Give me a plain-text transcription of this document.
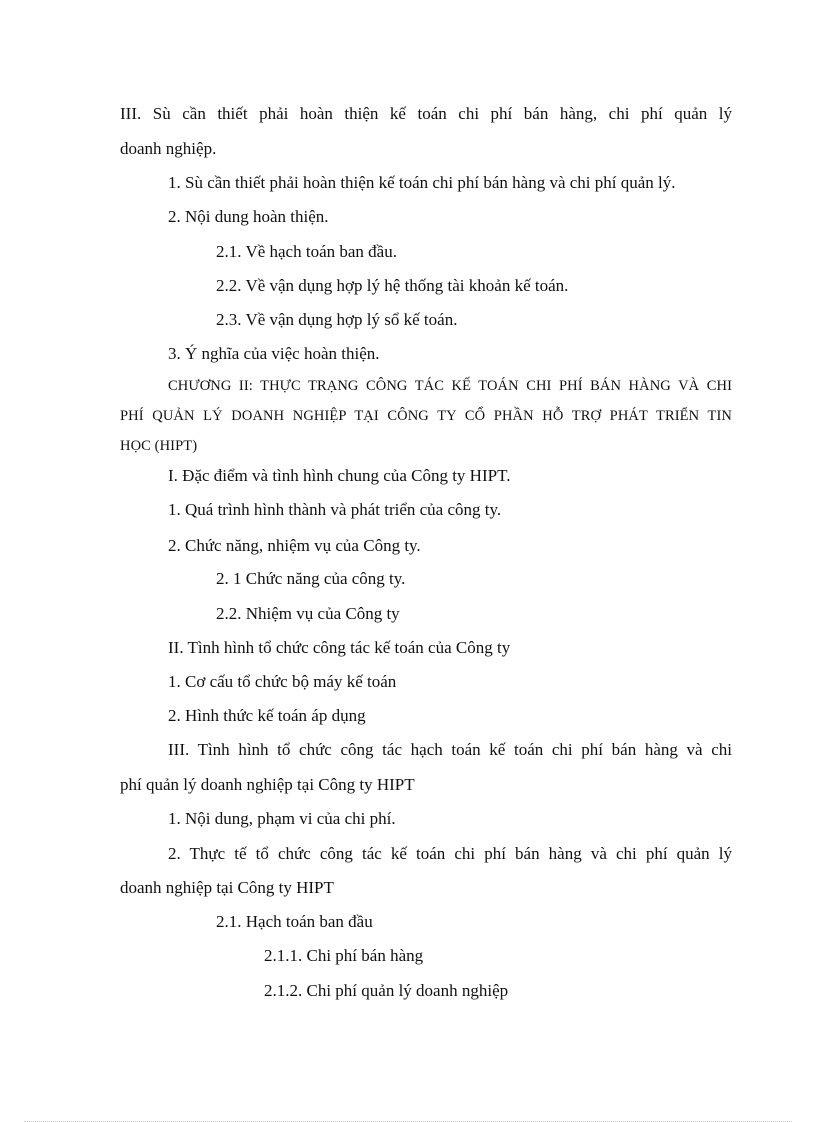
III. Sù cần thiết phải hoàn thiện kế toán chi phí bán hàng, chi phí quản lý
doanh nghiệp.
1. Sù cần thiết phải hoàn thiện kế toán chi phí bán hàng và chi phí quản lý.
2. Nội dung hoàn thiện.
2.1. Về hạch toán ban đầu.
2.2. Về vận dụng hợp lý hệ thống tài khoản kế toán.
2.3. Về vận dụng hợp lý sổ kế toán.
3. Ý nghĩa của việc hoàn thiện.
CHƯƠNG II: THỰC TRẠNG CÔNG TÁC KẾ TOÁN CHI PHÍ BÁN HÀNG VÀ CHI
PHÍ QUẢN LÝ DOANH NGHIỆP TẠI CÔNG TY CỔ PHẦN HỖ TRỢ PHÁT TRIỂN TIN
HỌC (HIPT)
I. Đặc điểm và tình hình chung của Công ty HIPT.
1. Quá trình hình thành và phát triển của công ty.
2. Chức năng, nhiệm vụ của Công ty.
2. 1 Chức năng của công ty.
2.2. Nhiệm vụ của Công ty
II. Tình hình tổ chức công tác kế toán của Công ty
1. Cơ cấu tổ chức bộ máy kế toán
2. Hình thức kế toán áp dụng
III. Tình hình tổ chức công tác hạch toán kế toán chi phí bán hàng và chi
phí quản lý doanh nghiệp tại Công ty HIPT
1. Nội dung, phạm vi của chi phí.
2. Thực tế tổ chức công tác kế toán chi phí bán hàng và chi phí quản lý
doanh nghiệp tại Công ty HIPT
2.1. Hạch toán ban đầu
2.1.1. Chi phí bán hàng
2.1.2. Chi phí quản lý doanh nghiệp
